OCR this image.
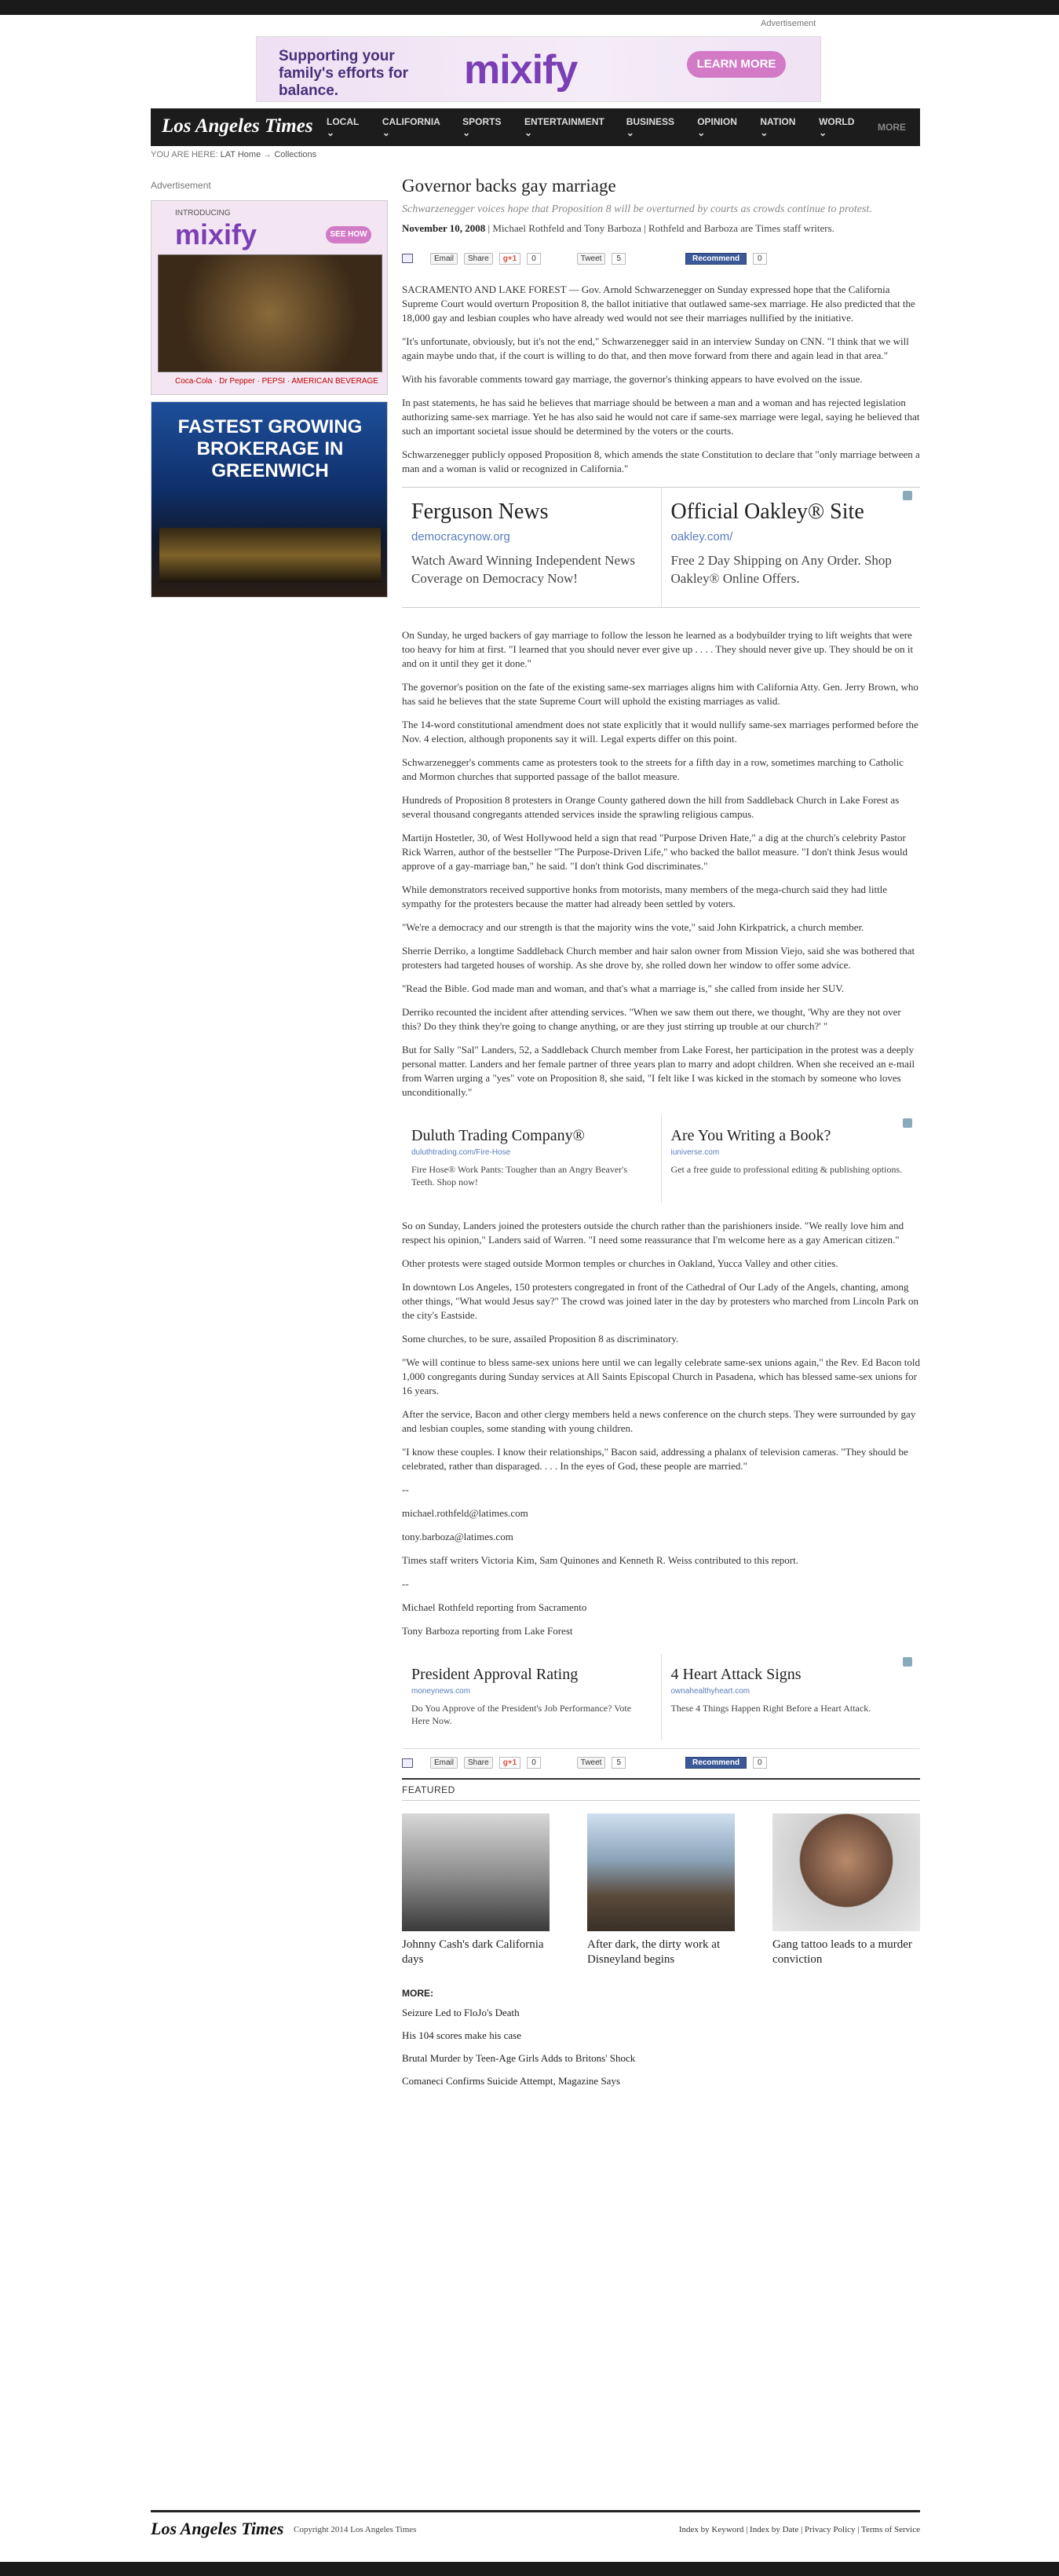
Advertisement
Supporting your family's efforts for balance.	mixify	LEARN MORE
Los Angeles Times LOCAL ⌄
CALIFORNIA ⌄
SPORTS ⌄
ENTERTAINMENT ⌄
BUSINESS ⌄
OPINION ⌄
NATION ⌄
WORLD ⌄	MORE
YOU ARE HERE: LAT Home → Collections
Advertisement
INTRODUCING
mixify	SEE HOW
Coca-Cola · Dr Pepper · PEPSI · AMERICAN BEVERAGE
FASTEST GROWING BROKERAGE IN GREENWICH
Governor backs gay marriage
Schwarzenegger voices hope that Proposition 8 will be overturned by courts as crowds continue to protest.
November 10, 2008 | Michael Rothfeld and Tony Barboza | Rothfeld and Barboza are Times staff writers.
Email	Share	g+1	0	Tweet	5	Recommend	0

SACRAMENTO AND LAKE FOREST — Gov. Arnold Schwarzenegger on Sunday expressed hope that the California Supreme Court would overturn Proposition 8, the ballot initiative that outlawed same-sex marriage. He also predicted that the 18,000 gay and lesbian couples who have already wed would not see their marriages nullified by the initiative.

"It's unfortunate, obviously, but it's not the end," Schwarzenegger said in an interview Sunday on CNN. "I think that we will again maybe undo that, if the court is willing to do that, and then move forward from there and again lead in that area."

With his favorable comments toward gay marriage, the governor's thinking appears to have evolved on the issue.

In past statements, he has said he believes that marriage should be between a man and a woman and has rejected legislation authorizing same-sex marriage. Yet he has also said he would not care if same-sex marriage were legal, saying he believed that such an important societal issue should be determined by the voters or the courts.

Schwarzenegger publicly opposed Proposition 8, which amends the state Constitution to declare that "only marriage between a man and a woman is valid or recognized in California."

Ferguson News
democracynow.org
Watch Award Winning Independent News Coverage on Democracy Now!
Official Oakley® Site
oakley.com/
Free 2 Day Shipping on Any Order. Shop Oakley® Online Offers.

On Sunday, he urged backers of gay marriage to follow the lesson he learned as a bodybuilder trying to lift weights that were too heavy for him at first. "I learned that you should never ever give up . . . . They should never give up. They should be on it and on it until they get it done."

The governor's position on the fate of the existing same-sex marriages aligns him with California Atty. Gen. Jerry Brown, who has said he believes that the state Supreme Court will uphold the existing marriages as valid.

The 14-word constitutional amendment does not state explicitly that it would nullify same-sex marriages performed before the Nov. 4 election, although proponents say it will. Legal experts differ on this point.

Schwarzenegger's comments came as protesters took to the streets for a fifth day in a row, sometimes marching to Catholic and Mormon churches that supported passage of the ballot measure.

Hundreds of Proposition 8 protesters in Orange County gathered down the hill from Saddleback Church in Lake Forest as several thousand congregants attended services inside the sprawling religious campus.

Martijn Hostetler, 30, of West Hollywood held a sign that read "Purpose Driven Hate," a dig at the church's celebrity Pastor Rick Warren, author of the bestseller "The Purpose-Driven Life," who backed the ballot measure. "I don't think Jesus would approve of a gay-marriage ban," he said. "I don't think God discriminates."

While demonstrators received supportive honks from motorists, many members of the mega-church said they had little sympathy for the protesters because the matter had already been settled by voters.

"We're a democracy and our strength is that the majority wins the vote," said John Kirkpatrick, a church member.

Sherrie Derriko, a longtime Saddleback Church member and hair salon owner from Mission Viejo, said she was bothered that protesters had targeted houses of worship. As she drove by, she rolled down her window to offer some advice.

"Read the Bible. God made man and woman, and that's what a marriage is," she called from inside her SUV.

Derriko recounted the incident after attending services. "When we saw them out there, we thought, 'Why are they not over this? Do they think they're going to change anything, or are they just stirring up trouble at our church?' "

But for Sally "Sal" Landers, 52, a Saddleback Church member from Lake Forest, her participation in the protest was a deeply personal matter. Landers and her female partner of three years plan to marry and adopt children. When she received an e-mail from Warren urging a "yes" vote on Proposition 8, she said, "I felt like I was kicked in the stomach by someone who loves unconditionally."

Duluth Trading Company®
duluthtrading.com/Fire-Hose
Fire Hose® Work Pants: Tougher than an Angry Beaver's Teeth. Shop now!
Are You Writing a Book?
iuniverse.com
Get a free guide to professional editing & publishing options.

So on Sunday, Landers joined the protesters outside the church rather than the parishioners inside. "We really love him and respect his opinion," Landers said of Warren. "I need some reassurance that I'm welcome here as a gay American citizen."

Other protests were staged outside Mormon temples or churches in Oakland, Yucca Valley and other cities.

In downtown Los Angeles, 150 protesters congregated in front of the Cathedral of Our Lady of the Angels, chanting, among other things, "What would Jesus say?" The crowd was joined later in the day by protesters who marched from Lincoln Park on the city's Eastside.

Some churches, to be sure, assailed Proposition 8 as discriminatory.

"We will continue to bless same-sex unions here until we can legally celebrate same-sex unions again," the Rev. Ed Bacon told 1,000 congregants during Sunday services at All Saints Episcopal Church in Pasadena, which has blessed same-sex unions for 16 years.

After the service, Bacon and other clergy members held a news conference on the church steps. They were surrounded by gay and lesbian couples, some standing with young children.

"I know these couples. I know their relationships," Bacon said, addressing a phalanx of television cameras. "They should be celebrated, rather than disparaged. . . . In the eyes of God, these people are married."

--

michael.rothfeld@latimes.com

tony.barboza@latimes.com

Times staff writers Victoria Kim, Sam Quinones and Kenneth R. Weiss contributed to this report.

--

Michael Rothfeld reporting from Sacramento

Tony Barboza reporting from Lake Forest

President Approval Rating
moneynews.com
Do You Approve of the President's Job Performance? Vote Here Now.
4 Heart Attack Signs
ownahealthyheart.com
These 4 Things Happen Right Before a Heart Attack.
Email	Share	g+1	0	Tweet	5	Recommend	0
FEATURED
Johnny Cash's dark California days
After dark, the dirty work at Disneyland begins
Gang tattoo leads to a murder conviction
MORE:
Seizure Led to FloJo's Death
His 104 scores make his case
Brutal Murder by Teen-Age Girls Adds to Britons' Shock
Comaneci Confirms Suicide Attempt, Magazine Says
Los Angeles Times Copyright 2014 Los Angeles Times	Index by Keyword | Index by Date | Privacy Policy | Terms of Service
